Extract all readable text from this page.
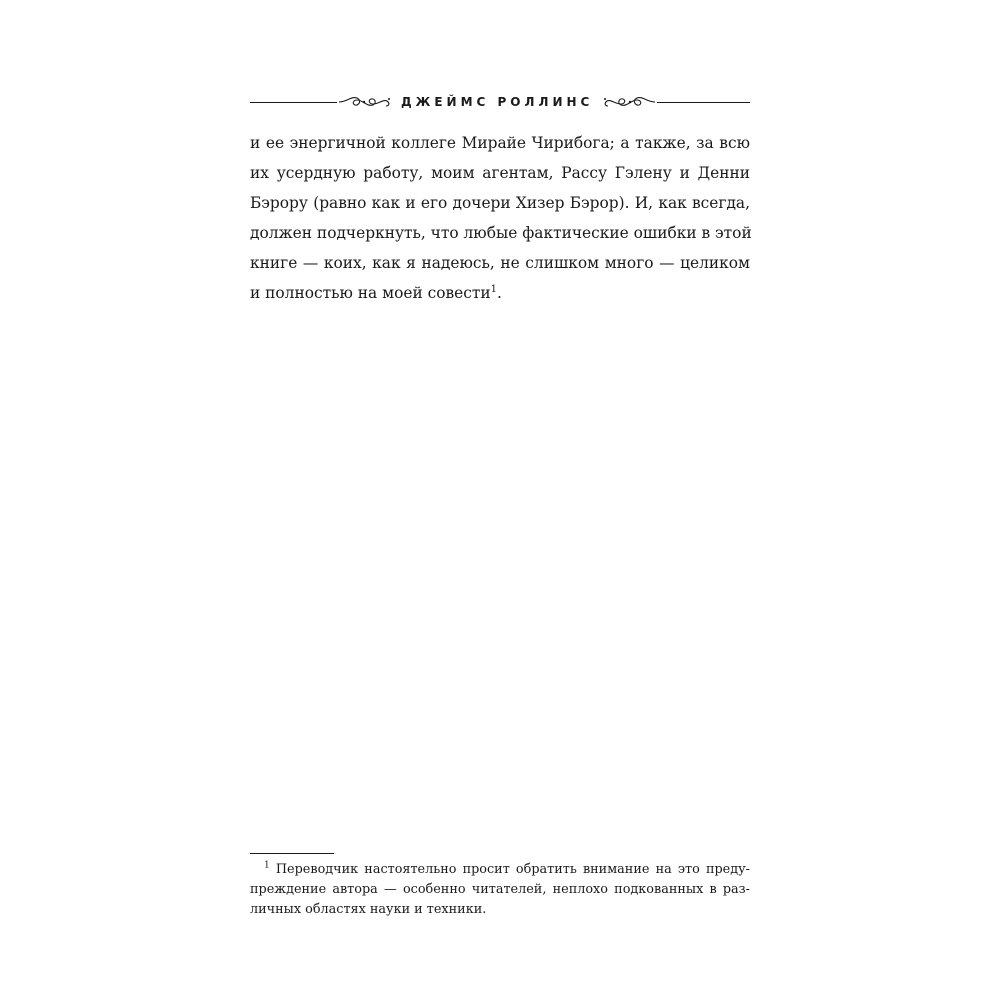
ДЖЕЙМС РОЛЛИНС
и ее энергичной коллеге Мирайе Чирибога; а также, за всю
их усердную работу, моим агентам, Рассу Гэлену и Денни
Бэрору (равно как и его дочери Хизер Бэрор). И, как всегда,
должен подчеркнуть, что любые фактические ошибки в этой
книге — коих, как я надеюсь, не слишком много — целиком
и полностью на моей совести$^1$.
$^1$ Переводчик настоятельно просит обратить внимание на это преду-
преждение автора — особенно читателей, неплохо подкованных в раз-
личных областях науки и техники.
